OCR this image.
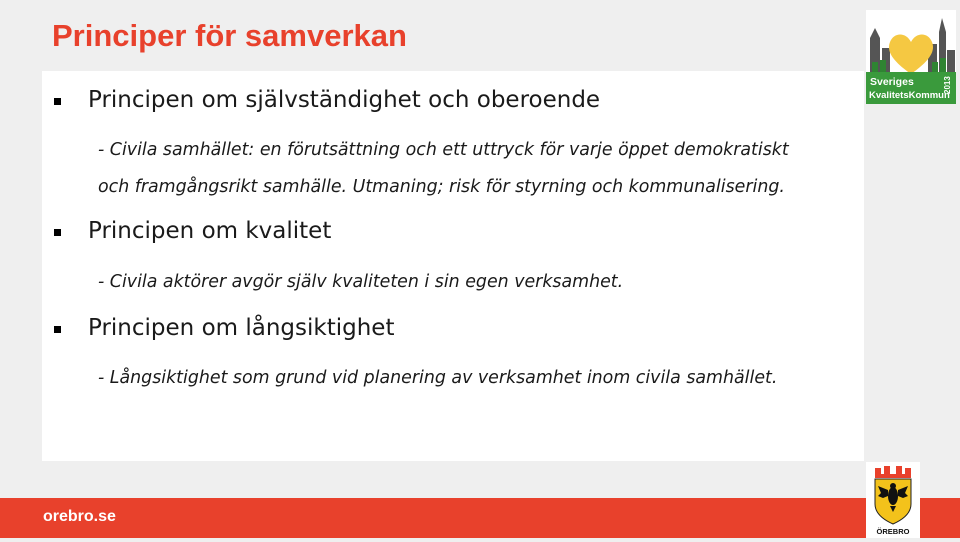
Principer för samverkan
Principen om självständighet och oberoende
- Civila samhället: en förutsättning och ett uttryck för varje öppet demokratiskt
och framgångsrikt samhälle. Utmaning; risk för styrning och kommunalisering.
Principen om kvalitet
- Civila aktörer avgör själv kvaliteten i sin egen verksamhet.
Principen om långsiktighet
- Långsiktighet som grund vid planering av verksamhet inom civila samhället.
Sveriges
KvalitetsKommun
2013
orebro.se
ÖREBRO
